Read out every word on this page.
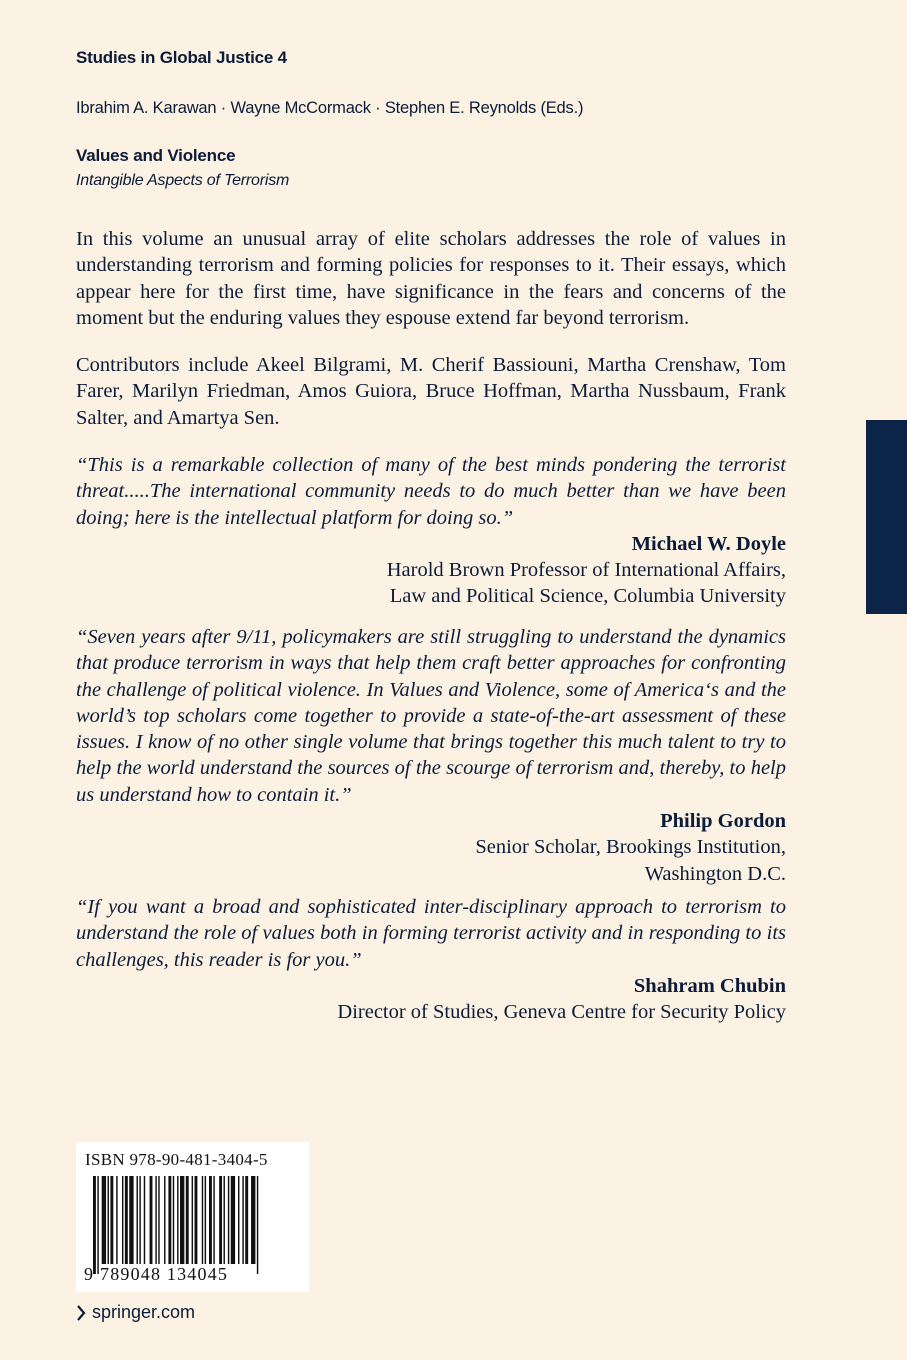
Studies in Global Justice 4
Ibrahim A. Karawan · Wayne McCormack · Stephen E. Reynolds (Eds.)
Values and Violence
Intangible Aspects of Terrorism

In this volume an unusual array of elite scholars addresses the role of values in understanding terrorism and forming policies for responses to it. Their essays, which appear here for the first time, have significance in the fears and concerns of the moment but the enduring values they espouse extend far beyond terrorism.

Contributors include Akeel Bilgrami, M. Cherif Bassiouni, Martha Crenshaw, Tom Farer, Marilyn Friedman, Amos Guiora, Bruce Hoffman, Martha Nussbaum, Frank Salter, and Amartya Sen.

“This is a remarkable collection of many of the best minds pondering the terrorist threat.....The international community needs to do much better than we have been doing; here is the intellectual platform for doing so.”

Michael W. Doyle
Harold Brown Professor of International Affairs,
Law and Political Science, Columbia University

“Seven years after 9/11, policymakers are still struggling to understand the dynamics that produce terrorism in ways that help them craft better approaches for confronting the challenge of political violence. In Values and Violence, some of America‘s and the world’s top scholars come together to provide a state-of-the-art assessment of these issues. I know of no other single volume that brings together this much talent to try to help the world understand the sources of the scourge of terrorism and, thereby, to help us understand how to contain it.”

Philip Gordon
Senior Scholar, Brookings Institution,
Washington D.C.

“If you want a broad and sophisticated inter-disciplinary approach to terrorism to understand the role of values both in forming terrorist activity and in responding to its challenges, this reader is for you.”

Shahram Chubin
Director of Studies, Geneva Centre for Security Policy

ISBN 978-90-481-3404-5
9 789048 134045
springer.com
